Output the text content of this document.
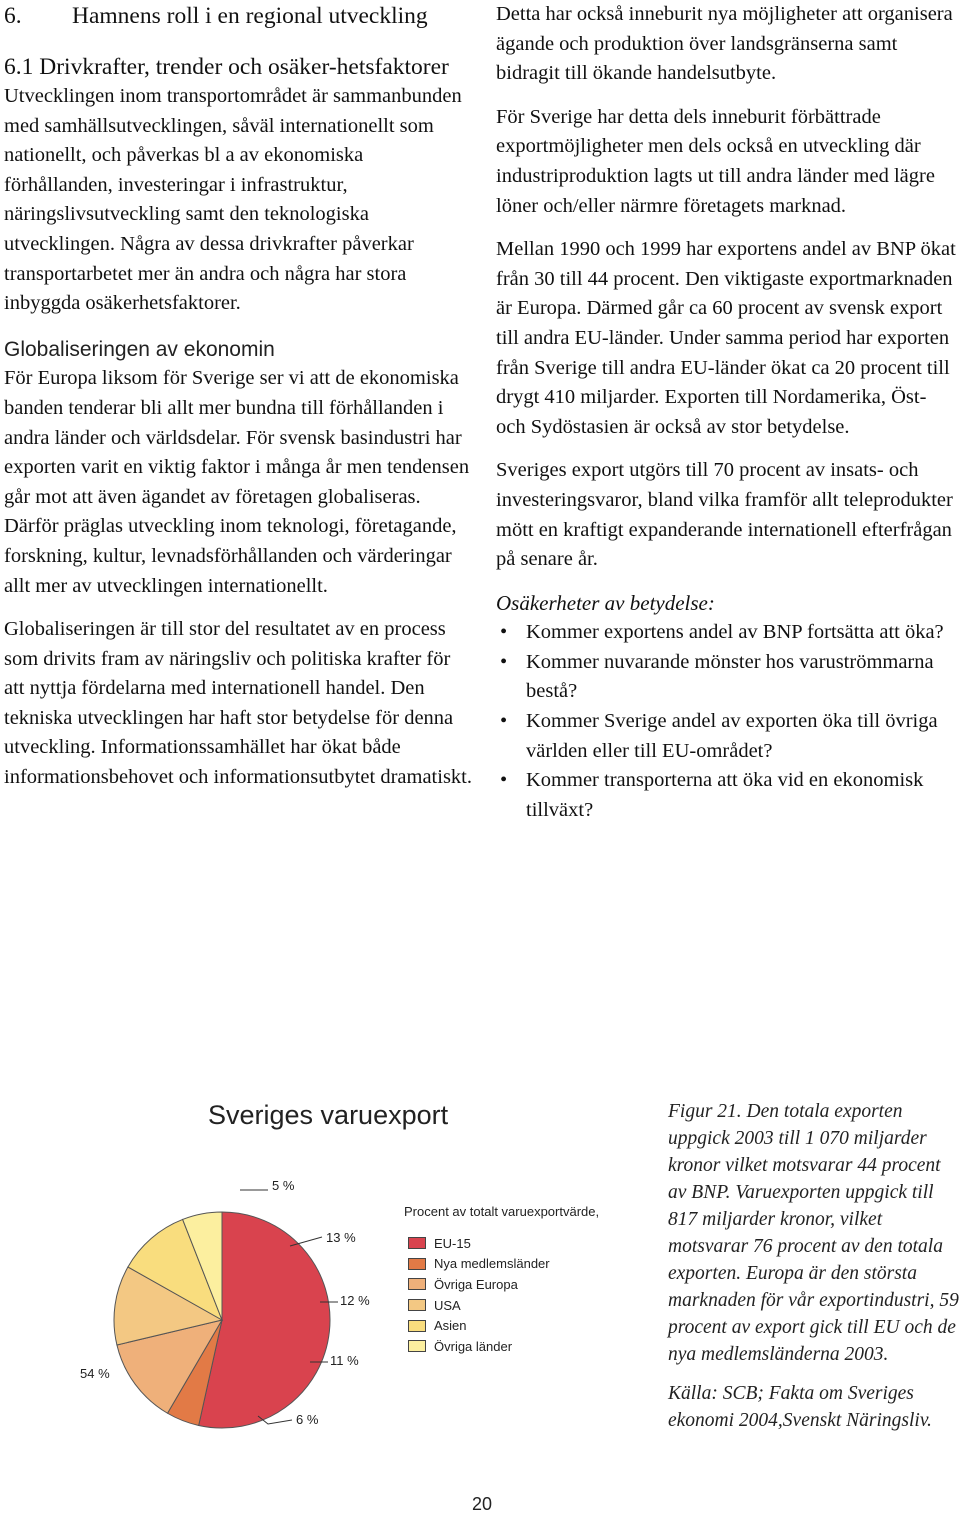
6. Hamnens roll i en regional utveckling
6.1 Drivkrafter, trender och osäker-hetsfaktorer

Utvecklingen inom transportområdet är sammanbunden med samhällsutvecklingen, såväl internationellt som nationellt, och påverkas bl a av ekonomiska förhållanden, investeringar i infrastruktur, näringslivsutveckling samt den teknologiska utvecklingen. Några av dessa drivkrafter påverkar transportarbetet mer än andra och några har stora inbyggda osäkerhetsfaktorer.

Globaliseringen av ekonomin

För Europa liksom för Sverige ser vi att de ekonomiska banden tenderar bli allt mer bundna till förhållanden i andra länder och världsdelar. För svensk basindustri har exporten varit en viktig faktor i många år men tendensen går mot att även ägandet av företagen globaliseras. Därför präglas utveckling inom teknologi, företagande, forskning, kultur, levnadsförhållanden och värderingar allt mer av utvecklingen internationellt.

Globaliseringen är till stor del resultatet av en process som drivits fram av näringsliv och politiska krafter för att nyttja fördelarna med internationell handel. Den tekniska utvecklingen har haft stor betydelse för denna utveckling. Informationssamhället har ökat både informationsbehovet och informationsutbytet dramatiskt.

Detta har också inneburit nya möjligheter att organisera ägande och produktion över landsgränserna samt bidragit till ökande handelsutbyte.

För Sverige har detta dels inneburit förbättrade exportmöjligheter men dels också en utveckling där industriproduktion lagts ut till andra länder med lägre löner och/eller närmre företagets marknad.

Mellan 1990 och 1999 har exportens andel av BNP ökat från 30 till 44 procent. Den viktigaste exportmarknaden är Europa. Därmed går ca 60 procent av svensk export till andra EU-länder. Under samma period har exporten från Sverige till andra EU-länder ökat ca 20 procent till drygt 410 miljarder. Exporten till Nordamerika, Öst- och Sydöstasien är också av stor betydelse.

Sveriges export utgörs till 70 procent av insats- och investeringsvaror, bland vilka framför allt teleprodukter mött en kraftigt expanderande internationell efterfrågan på senare år.

Osäkerheter av betydelse:
• Kommer exportens andel av BNP fortsätta att öka?
• Kommer nuvarande mönster hos varuströmmarna bestå?
• Kommer Sverige andel av exporten öka till övriga världen eller till EU-området?
• Kommer transporterna att öka vid en ekonomisk tillväxt?
Sveriges varuexport
54 %
5 %
13 %
12 %
11 %
6 %
Procent av totalt varuexportvärde,
EU-15
Nya medlemsländer
Övriga Europa
USA
Asien
Övriga länder
Figur 21. Den totala exporten uppgick 2003 till 1 070 miljarder kronor vilket motsvarar 44 procent av BNP. Varuexporten uppgick till 817 miljarder kronor, vilket motsvarar 76 procent av den totala exporten. Europa är den största marknaden för vår exportindustri, 59 procent av export gick till EU och de nya medlemsländerna 2003.
Källa: SCB; Fakta om Sveriges ekonomi 2004,Svenskt Näringsliv.
20
